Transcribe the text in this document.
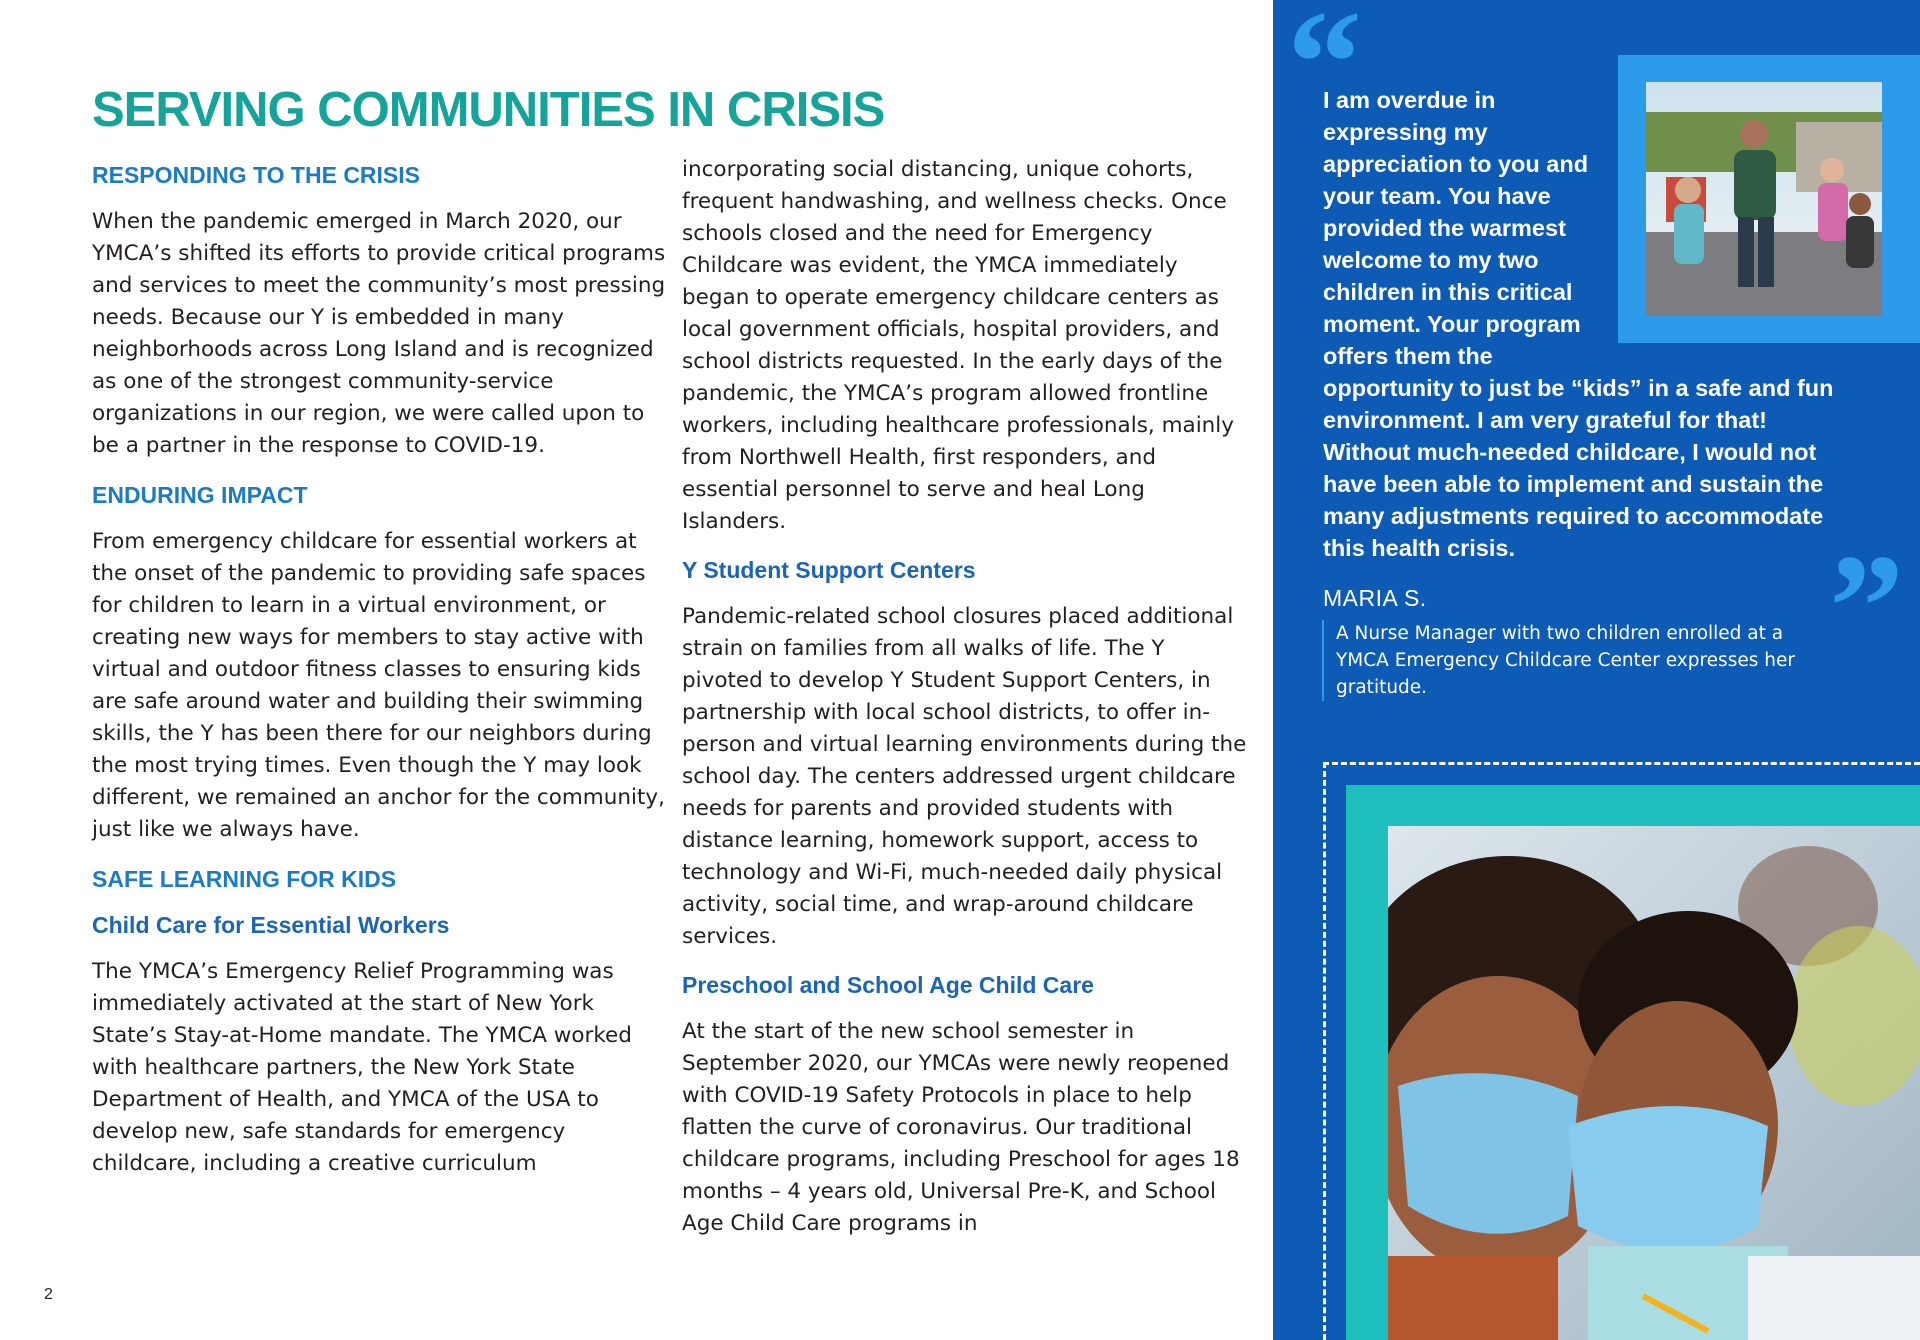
SERVING COMMUNITIES IN CRISIS
RESPONDING TO THE CRISIS

When the pandemic emerged in March 2020, our YMCA’s shifted its efforts to provide critical programs and services to meet the community’s most pressing needs. Because our Y is embedded in many neighborhoods across Long Island and is recognized as one of the strongest community-service organizations in our region, we were called upon to be a partner in the response to COVID-19.

ENDURING IMPACT

From emergency childcare for essential workers at the onset of the pandemic to providing safe spaces for children to learn in a virtual environment, or creating new ways for members to stay active with virtual and outdoor fitness classes to ensuring kids are safe around water and building their swimming skills, the Y has been there for our neighbors during the most trying times. Even though the Y may look different, we remained an anchor for the community, just like we always have.

SAFE LEARNING FOR KIDS
Child Care for Essential Workers

The YMCA’s Emergency Relief Programming was immediately activated at the start of New York State’s Stay-at-Home mandate. The YMCA worked with healthcare partners, the New York State Department of Health, and YMCA of the USA to develop new, safe standards for emergency childcare, including a creative curriculum

incorporating social distancing, unique cohorts, frequent handwashing, and wellness checks. Once schools closed and the need for Emergency Childcare was evident, the YMCA immediately began to operate emergency childcare centers as local government officials, hospital providers, and school districts requested. In the early days of the pandemic, the YMCA’s program allowed frontline workers, including healthcare professionals, mainly from Northwell Health, first responders, and essential personnel to serve and heal Long Islanders.

Y Student Support Centers

Pandemic-related school closures placed additional strain on families from all walks of life. The Y pivoted to develop Y Student Support Centers, in partnership with local school districts, to offer in-person and virtual learning environments during the school day. The centers addressed urgent childcare needs for parents and provided students with distance learning, homework support, access to technology and Wi-Fi, much-needed daily physical activity, social time, and wrap-around childcare services.

Preschool and School Age Child Care

At the start of the new school semester in September 2020, our YMCAs were newly reopened with COVID-19 Safety Protocols in place to help flatten the curve of coronavirus. Our traditional childcare programs, including Preschool for ages 18 months – 4 years old, Universal Pre-K, and School Age Child Care programs in

2
“

I am overdue in expressing my appreciation to you and your team. You have provided the warmest welcome to my two children in this critical moment. Your program offers them the
opportunity to just be “kids” in a safe and fun environment. I am very grateful for that! Without much-needed childcare, I would not have been able to implement and sustain the many adjustments required to accommodate this health crisis.	”
MARIA S.
A Nurse Manager with two children enrolled at a YMCA Emergency Childcare Center expresses her gratitude.
